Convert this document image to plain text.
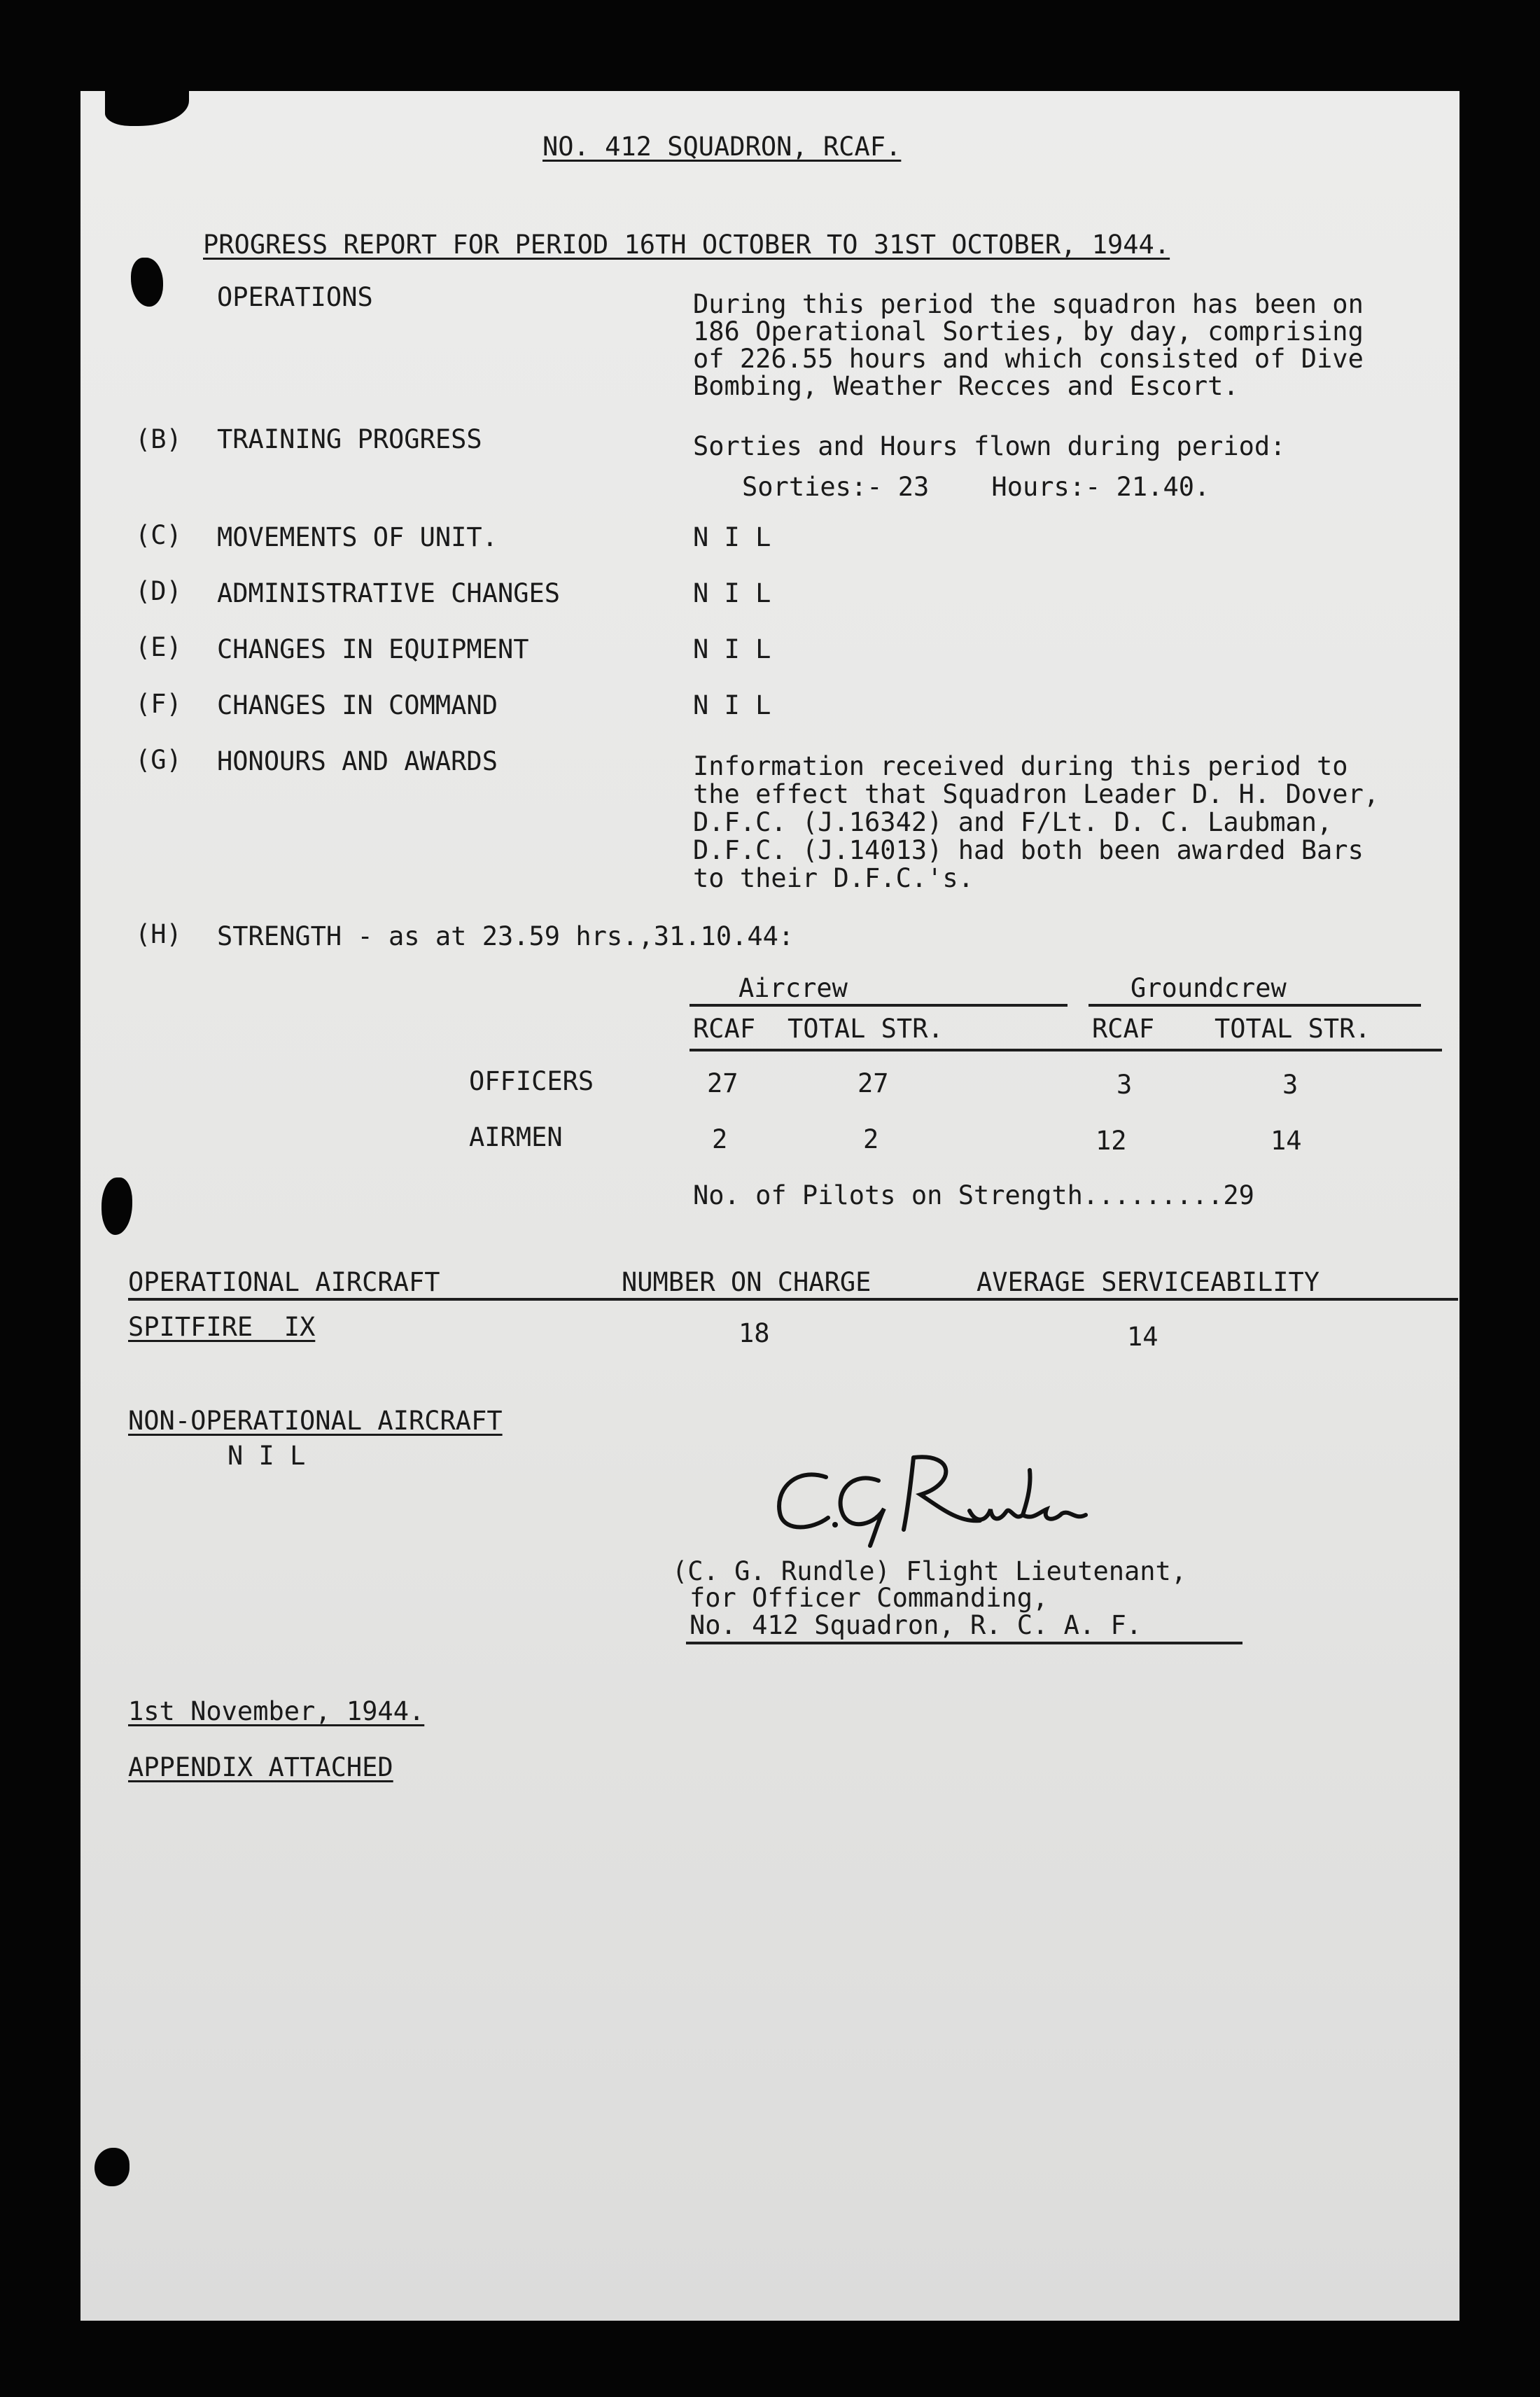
NO. 412 SQUADRON, RCAF.
PROGRESS REPORT FOR PERIOD 16TH OCTOBER TO 31ST OCTOBER, 1944.
OPERATIONS	During this period the squadron has been on
186 Operational Sorties, by day, comprising
of 226.55 hours and which consisted of Dive
Bombing, Weather Recces and Escort.
(B) TRAINING PROGRESS	Sorties and Hours flown during period:
Sorties:- 23    Hours:- 21.40.
(C) MOVEMENTS OF UNIT.	N I L
(D) ADMINISTRATIVE CHANGES	N I L
(E) CHANGES IN EQUIPMENT	N I L
(F) CHANGES IN COMMAND	N I L
(G) HONOURS AND AWARDS	Information received during this period to
the effect that Squadron Leader D. H. Dover,
D.F.C. (J.16342) and F/Lt. D. C. Laubman,
D.F.C. (J.14013) had both been awarded Bars
to their D.F.C.'s.
(H) STRENGTH - as at 23.59 hrs.,31.10.44:
Aircrew	Groundcrew
RCAF TOTAL STR.	RCAF TOTAL STR.
OFFICERS	27	27	3	3
AIRMEN	2	2	12	14
No. of Pilots on Strength.........29
OPERATIONAL AIRCRAFT	NUMBER ON CHARGE	AVERAGE SERVICEABILITY
SPITFIRE  IX	18	14
NON-OPERATIONAL AIRCRAFT
N I L
(C. G. Rundle) Flight Lieutenant,
for Officer Commanding,
No. 412 Squadron, R. C. A. F.
1st November, 1944.
APPENDIX ATTACHED
